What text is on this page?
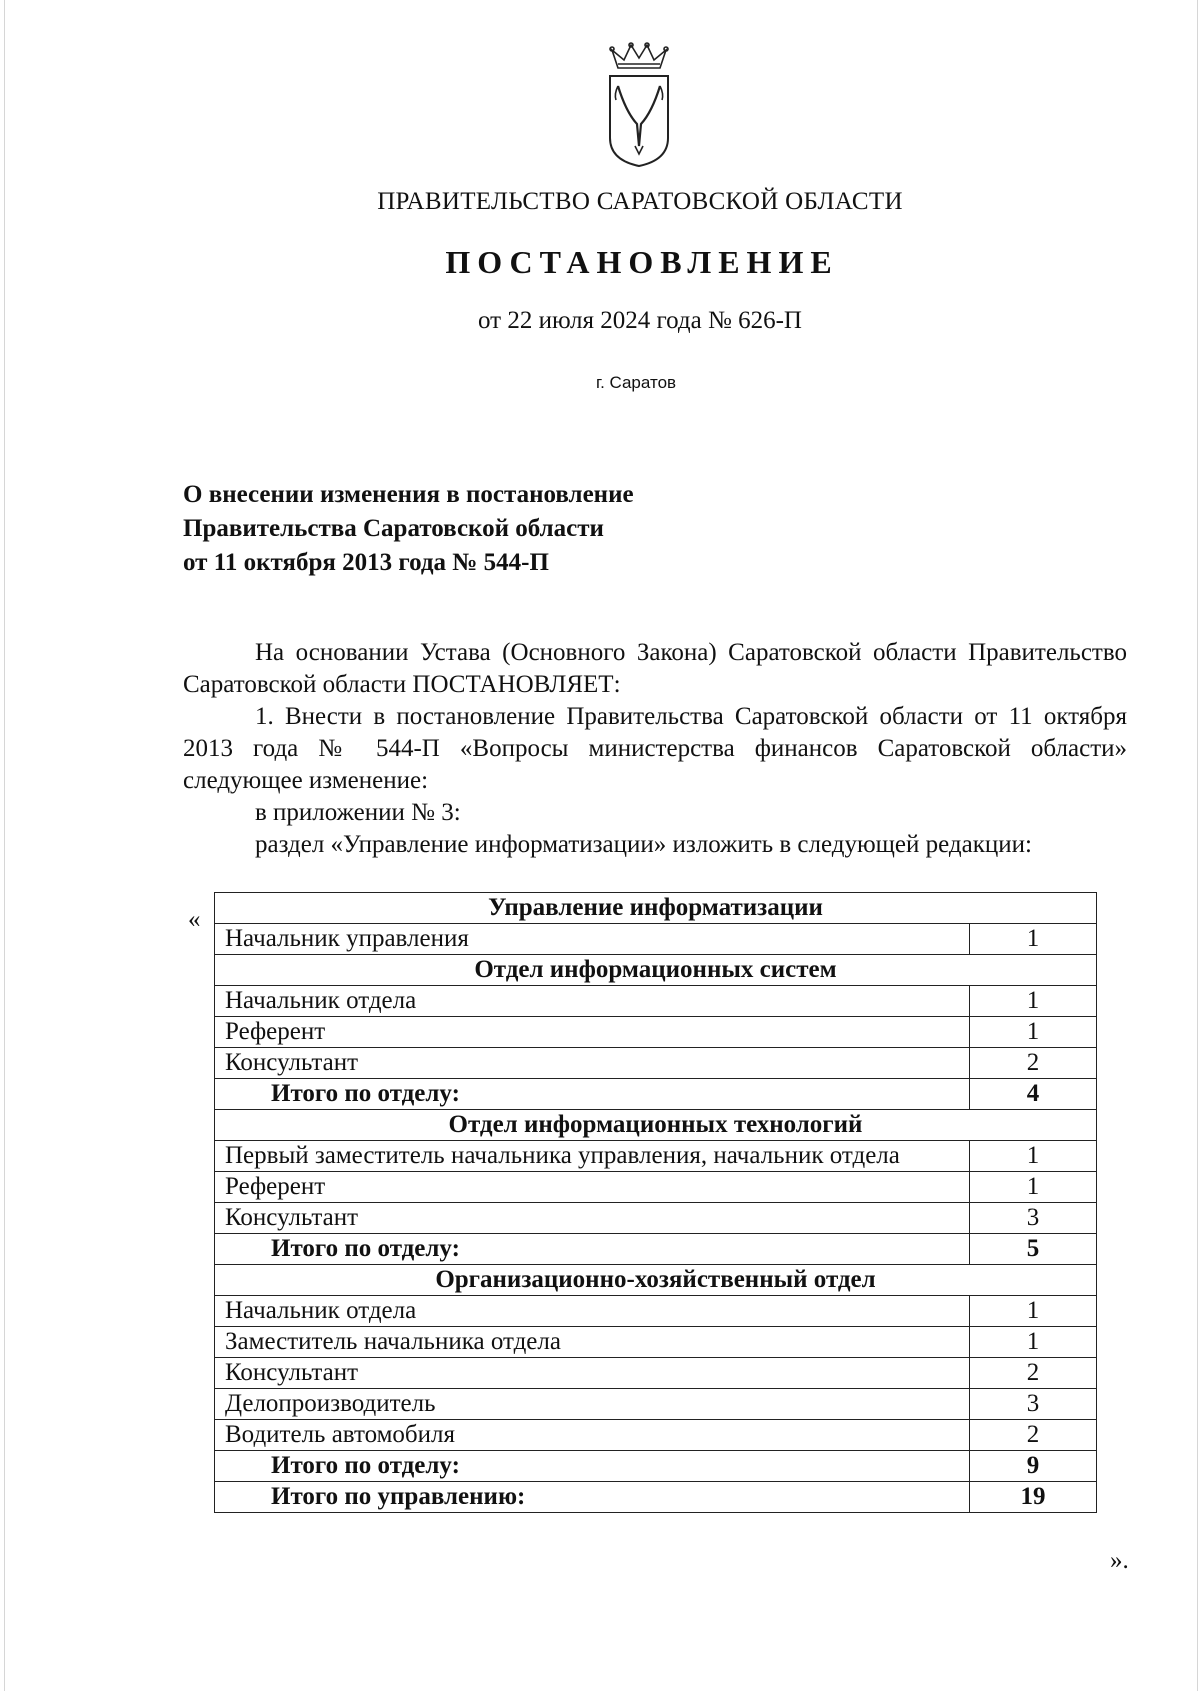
ПРАВИТЕЛЬСТВО САРАТОВСКОЙ ОБЛАСТИ
ПОСТАНОВЛЕНИЕ
от 22 июля 2024 года № 626-П
г. Саратов
О внесении изменения в постановление
Правительства Саратовской области
от 11 октября 2013 года № 544-П

На основании Устава (Основного Закона) Саратовской области Правительство Саратовской области ПОСТАНОВЛЯЕТ:

1. Внести в постановление Правительства Саратовской области от 11 октября 2013 года № 544-П «Вопросы министерства финансов Саратовской области» следующее изменение:

в приложении № 3:

раздел «Управление информатизации» изложить в следующей редакции:

«	Управление информатизации	
Начальник управления	1
Отдел информационных систем	
Начальник отдела	1
Референт	1
Консультант	2
Итого по отделу:	4
Отдел информационных технологий	
Первый заместитель начальника управления, начальник отдела	1
Референт	1
Консультант	3
Итого по отделу:	5
Организационно-хозяйственный отдел	
Начальник отдела	1
Заместитель начальника отдела	1
Консультант	2
Делопроизводитель	3
Водитель автомобиля	2
Итого по отделу:	9
Итого по управлению:	19
».
